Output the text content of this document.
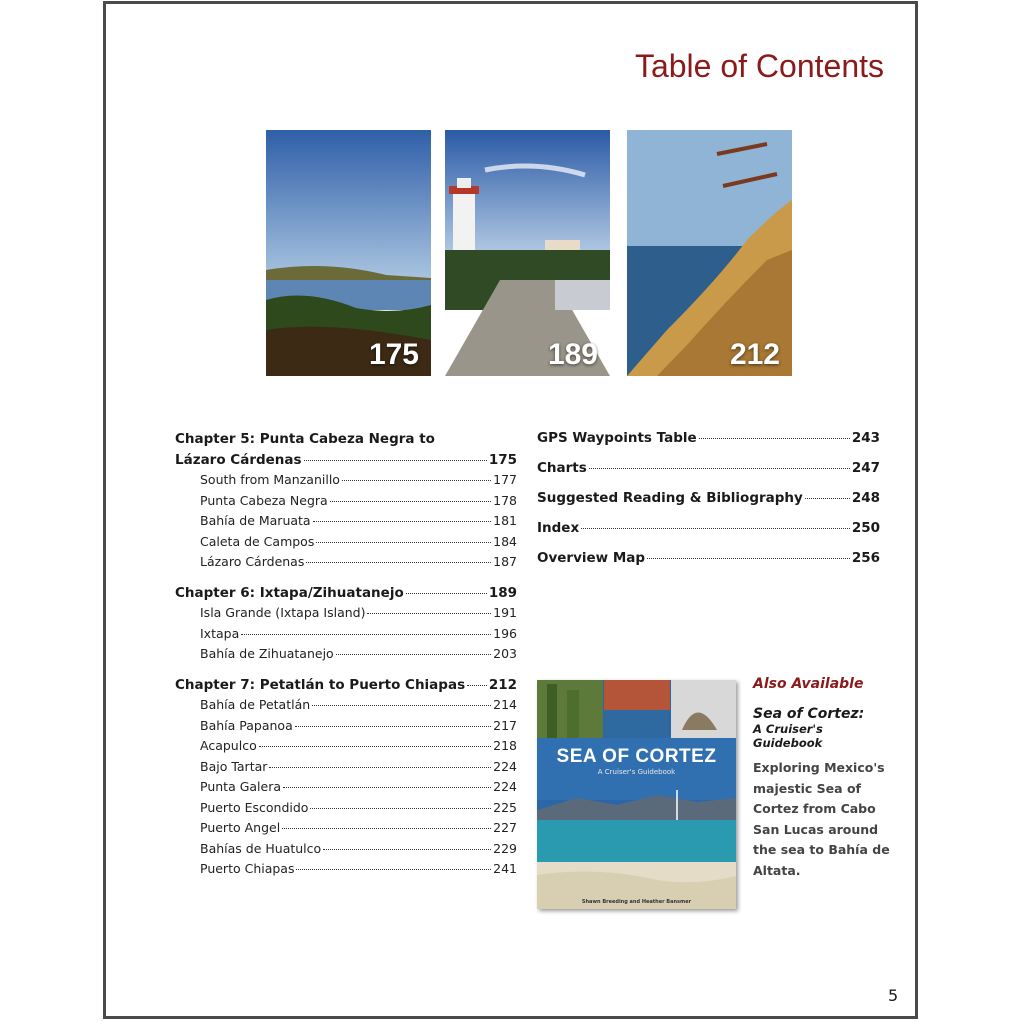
Table of Contents
175	189	212
Chapter 5: Punta Cabeza Negra to
Lázaro Cárdenas	175
South from Manzanillo	177
Punta Cabeza Negra	178
Bahía de Maruata	181
Caleta de Campos	184
Lázaro Cárdenas	187
Chapter 6: Ixtapa/Zihuatanejo	189
Isla Grande (Ixtapa Island)	191
Ixtapa	196
Bahía de Zihuatanejo	203
Chapter 7: Petatlán to Puerto Chiapas 212
Bahía de Petatlán	214
Bahía Papanoa	217
Acapulco	218
Bajo Tartar	224
Punta Galera	224
Puerto Escondido	225
Puerto Angel	227
Bahías de Huatulco	229
Puerto Chiapas	241
GPS Waypoints Table	243
Charts	247
Suggested Reading & Bibliography	248
Index	250
Overview Map	256
SEA OF CORTEZ
A Cruiser's Guidebook
Shawn Breeding and Heather Bansmer
Also Available
Sea of Cortez:
A Cruiser's Guidebook
Exploring Mexico's majestic Sea of Cortez from Cabo San Lucas around the sea to Bahía de Altata.
5
